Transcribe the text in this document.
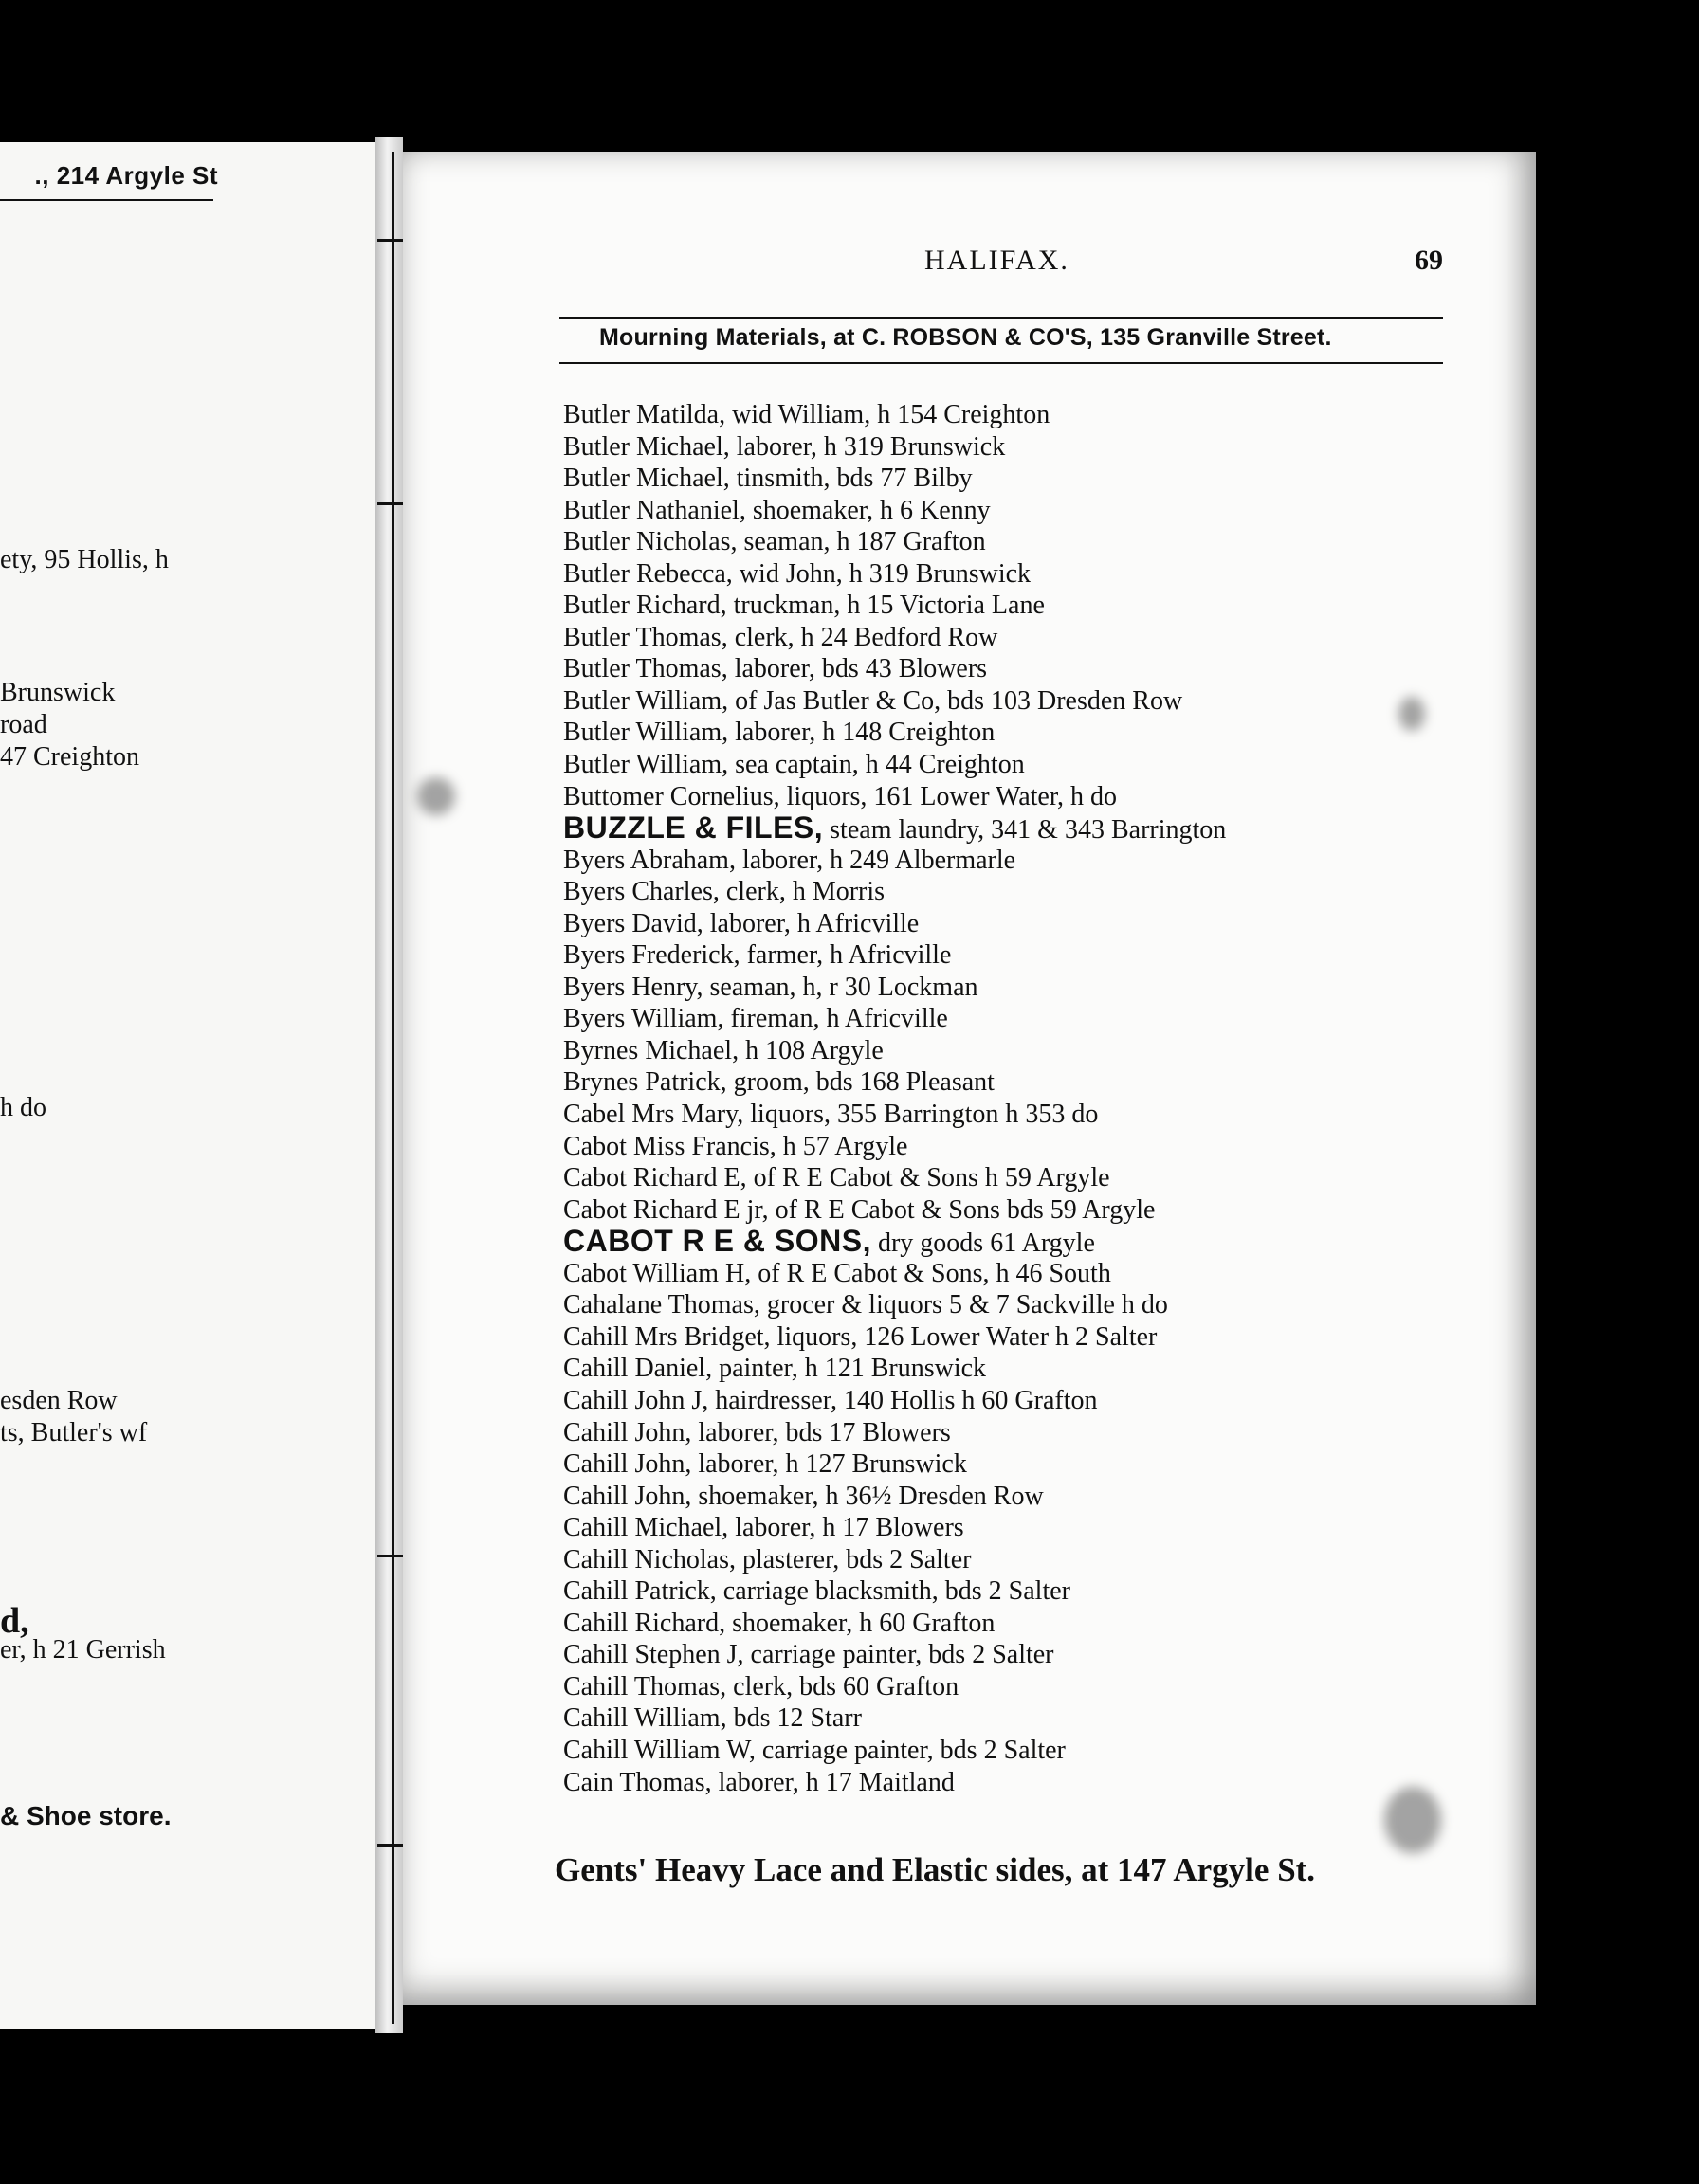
., 214 Argyle St
ety, 95 Hollis, h
Brunswick
road
47 Creighton
h do
esden Row
ts, Butler's wf
d,
er, h 21 Gerrish
& Shoe store.
HALIFAX.	69
Mourning Materials, at C. ROBSON & CO'S, 135 Granville Street.
Butler Matilda, wid William, h 154 Creighton
Butler Michael, laborer, h 319 Brunswick
Butler Michael, tinsmith, bds 77 Bilby
Butler Nathaniel, shoemaker, h 6 Kenny
Butler Nicholas, seaman, h 187 Grafton
Butler Rebecca, wid John, h 319 Brunswick
Butler Richard, truckman, h 15 Victoria Lane
Butler Thomas, clerk, h 24 Bedford Row
Butler Thomas, laborer, bds 43 Blowers
Butler William, of Jas Butler & Co, bds 103 Dresden Row
Butler William, laborer, h 148 Creighton
Butler William, sea captain, h 44 Creighton
Buttomer Cornelius, liquors, 161 Lower Water, h do
BUZZLE & FILES, steam laundry, 341 & 343 Barrington
Byers Abraham, laborer, h 249 Albermarle
Byers Charles, clerk, h Morris
Byers David, laborer, h Africville
Byers Frederick, farmer, h Africville
Byers Henry, seaman, h, r 30 Lockman
Byers William, fireman, h Africville
Byrnes Michael, h 108 Argyle
Brynes Patrick, groom, bds 168 Pleasant
Cabel Mrs Mary, liquors, 355 Barrington h 353 do
Cabot Miss Francis, h 57 Argyle
Cabot Richard E, of R E Cabot & Sons h 59 Argyle
Cabot Richard E jr, of R E Cabot & Sons bds 59 Argyle
CABOT R E & SONS, dry goods 61 Argyle
Cabot William H, of R E Cabot & Sons, h 46 South
Cahalane Thomas, grocer & liquors 5 & 7 Sackville h do
Cahill Mrs Bridget, liquors, 126 Lower Water h 2 Salter
Cahill Daniel, painter, h 121 Brunswick
Cahill John J, hairdresser, 140 Hollis h 60 Grafton
Cahill John, laborer, bds 17 Blowers
Cahill John, laborer, h 127 Brunswick
Cahill John, shoemaker, h 36½ Dresden Row
Cahill Michael, laborer, h 17 Blowers
Cahill Nicholas, plasterer, bds 2 Salter
Cahill Patrick, carriage blacksmith, bds 2 Salter
Cahill Richard, shoemaker, h 60 Grafton
Cahill Stephen J, carriage painter, bds 2 Salter
Cahill Thomas, clerk, bds 60 Grafton
Cahill William, bds 12 Starr
Cahill William W, carriage painter, bds 2 Salter
Cain Thomas, laborer, h 17 Maitland
Gents' Heavy Lace and Elastic sides, at 147 Argyle St.
